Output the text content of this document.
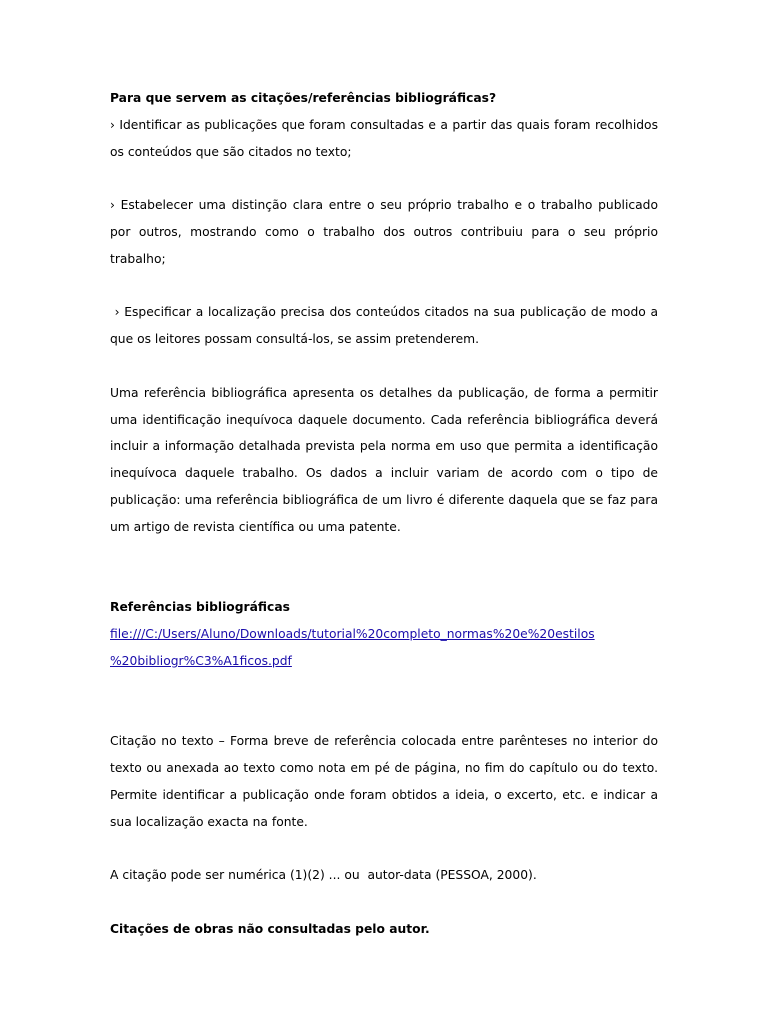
Para que servem as citações/referências bibliográficas?

› Identificar as publicações que foram consultadas e a partir das quais foram recolhidos os conteúdos que são citados no texto;

› Estabelecer uma distinção clara entre o seu próprio trabalho e o trabalho publicado por outros, mostrando como o trabalho dos outros contribuiu para o seu próprio trabalho;

› Especificar a localização precisa dos conteúdos citados na sua publicação de modo a que os leitores possam consultá-los, se assim pretenderem.

Uma referência bibliográfica apresenta os detalhes da publicação, de forma a permitir uma identificação inequívoca daquele documento. Cada referência bibliográfica deverá incluir a informação detalhada prevista pela norma em uso que permita a identificação inequívoca daquele trabalho. Os dados a incluir variam de acordo com o tipo de publicação: uma referência bibliográfica de um livro é diferente daquela que se faz para um artigo de revista científica ou uma patente.

Referências bibliográficas

file:///C:/Users/Aluno/Downloads/tutorial%20completo_normas%20e%20estilos
%20bibliogr%C3%A1ficos.pdf

Citação no texto – Forma breve de referência colocada entre parênteses no interior do texto ou anexada ao texto como nota em pé de página, no fim do capítulo ou do texto. Permite identificar a publicação onde foram obtidos a ideia, o excerto, etc. e indicar a sua localização exacta na fonte.

A citação pode ser numérica (1)(2) ... ou  autor-data (PESSOA, 2000).

Citações de obras não consultadas pelo autor.
